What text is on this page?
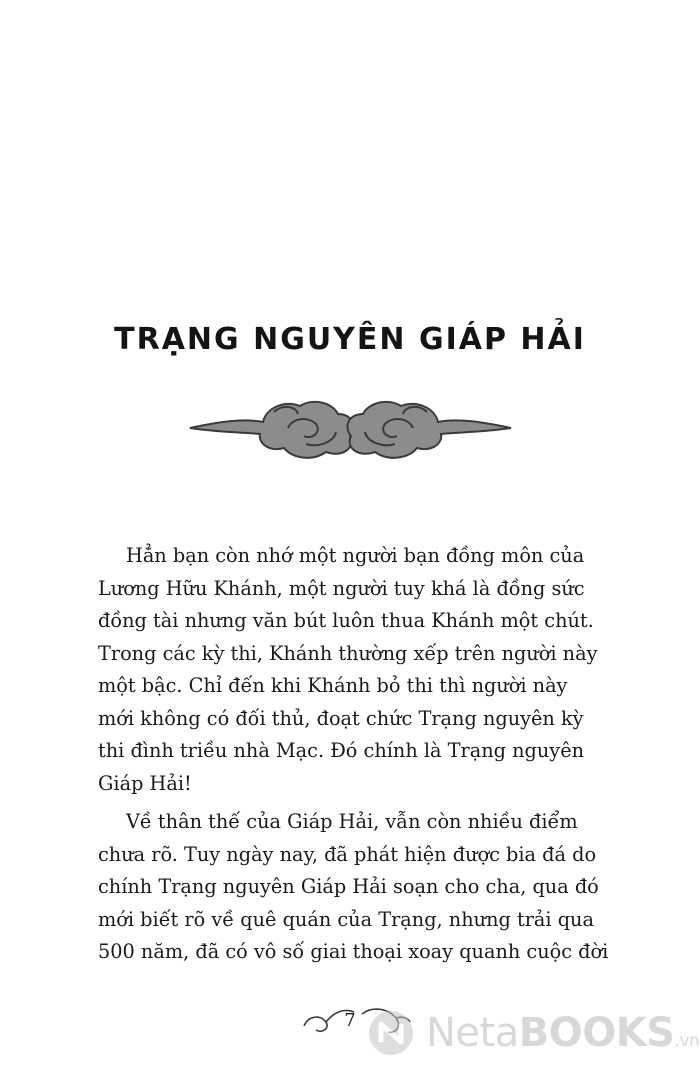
TRẠNG NGUYÊN GIÁP HẢI
Hẳn bạn còn nhớ một người bạn đồng môn của
Lương Hữu Khánh, một người tuy khá là đồng sức
đồng tài nhưng văn bút luôn thua Khánh một chút.
Trong các kỳ thi, Khánh thường xếp trên người này
một bậc. Chỉ đến khi Khánh bỏ thi thì người này
mới không có đối thủ, đoạt chức Trạng nguyên kỳ
thi đình triều nhà Mạc. Đó chính là Trạng nguyên
Giáp Hải!
Về thân thế của Giáp Hải, vẫn còn nhiều điểm
chưa rõ. Tuy ngày nay, đã phát hiện được bia đá do
chính Trạng nguyên Giáp Hải soạn cho cha, qua đó
mới biết rõ về quê quán của Trạng, nhưng trải qua
500 năm, đã có vô số giai thoại xoay quanh cuộc đời
7 NetaBOOKS.vn
